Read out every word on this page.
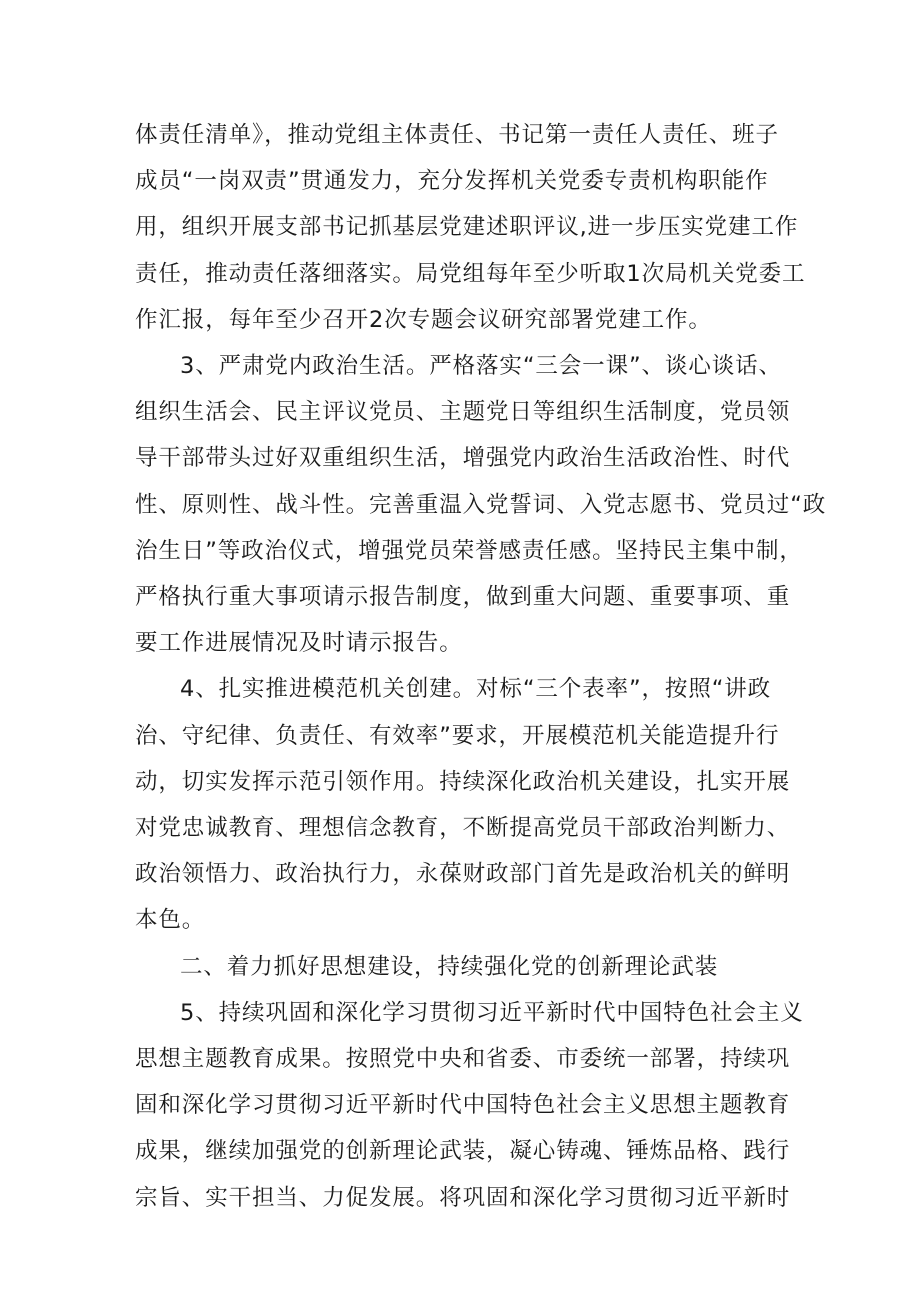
体责任清单》，推动党组主体责任、书记第一责任人责任、班子
成员“一岗双责”贯通发力，充分发挥机关党委专责机构职能作
用，组织开展支部书记抓基层党建述职评议,进一步压实党建工作
责任，推动责任落细落实。局党组每年至少听取1次局机关党委工
作汇报，每年至少召开2次专题会议研究部署党建工作。

3、严肃党内政治生活。严格落实“三会一课”、谈心谈话、
组织生活会、民主评议党员、主题党日等组织生活制度，党员领
导干部带头过好双重组织生活，增强党内政治生活政治性、时代
性、原则性、战斗性。完善重温入党誓词、入党志愿书、党员过“政
治生日”等政治仪式，增强党员荣誉感责任感。坚持民主集中制，
严格执行重大事项请示报告制度，做到重大问题、重要事项、重
要工作进展情况及时请示报告。

4、扎实推进模范机关创建。对标“三个表率”，按照“讲政
治、守纪律、负责任、有效率”要求，开展模范机关能造提升行
动，切实发挥示范引领作用。持续深化政治机关建设，扎实开展
对党忠诚教育、理想信念教育，不断提高党员干部政治判断力、
政治领悟力、政治执行力，永葆财政部门首先是政治机关的鲜明
本色。

二、着力抓好思想建设，持续强化党的创新理论武装

5、持续巩固和深化学习贯彻习近平新时代中国特色社会主义
思想主题教育成果。按照党中央和省委、市委统一部署，持续巩
固和深化学习贯彻习近平新时代中国特色社会主义思想主题教育
成果，继续加强党的创新理论武装，凝心铸魂、锤炼品格、践行
宗旨、实干担当、力促发展。将巩固和深化学习贯彻习近平新时
